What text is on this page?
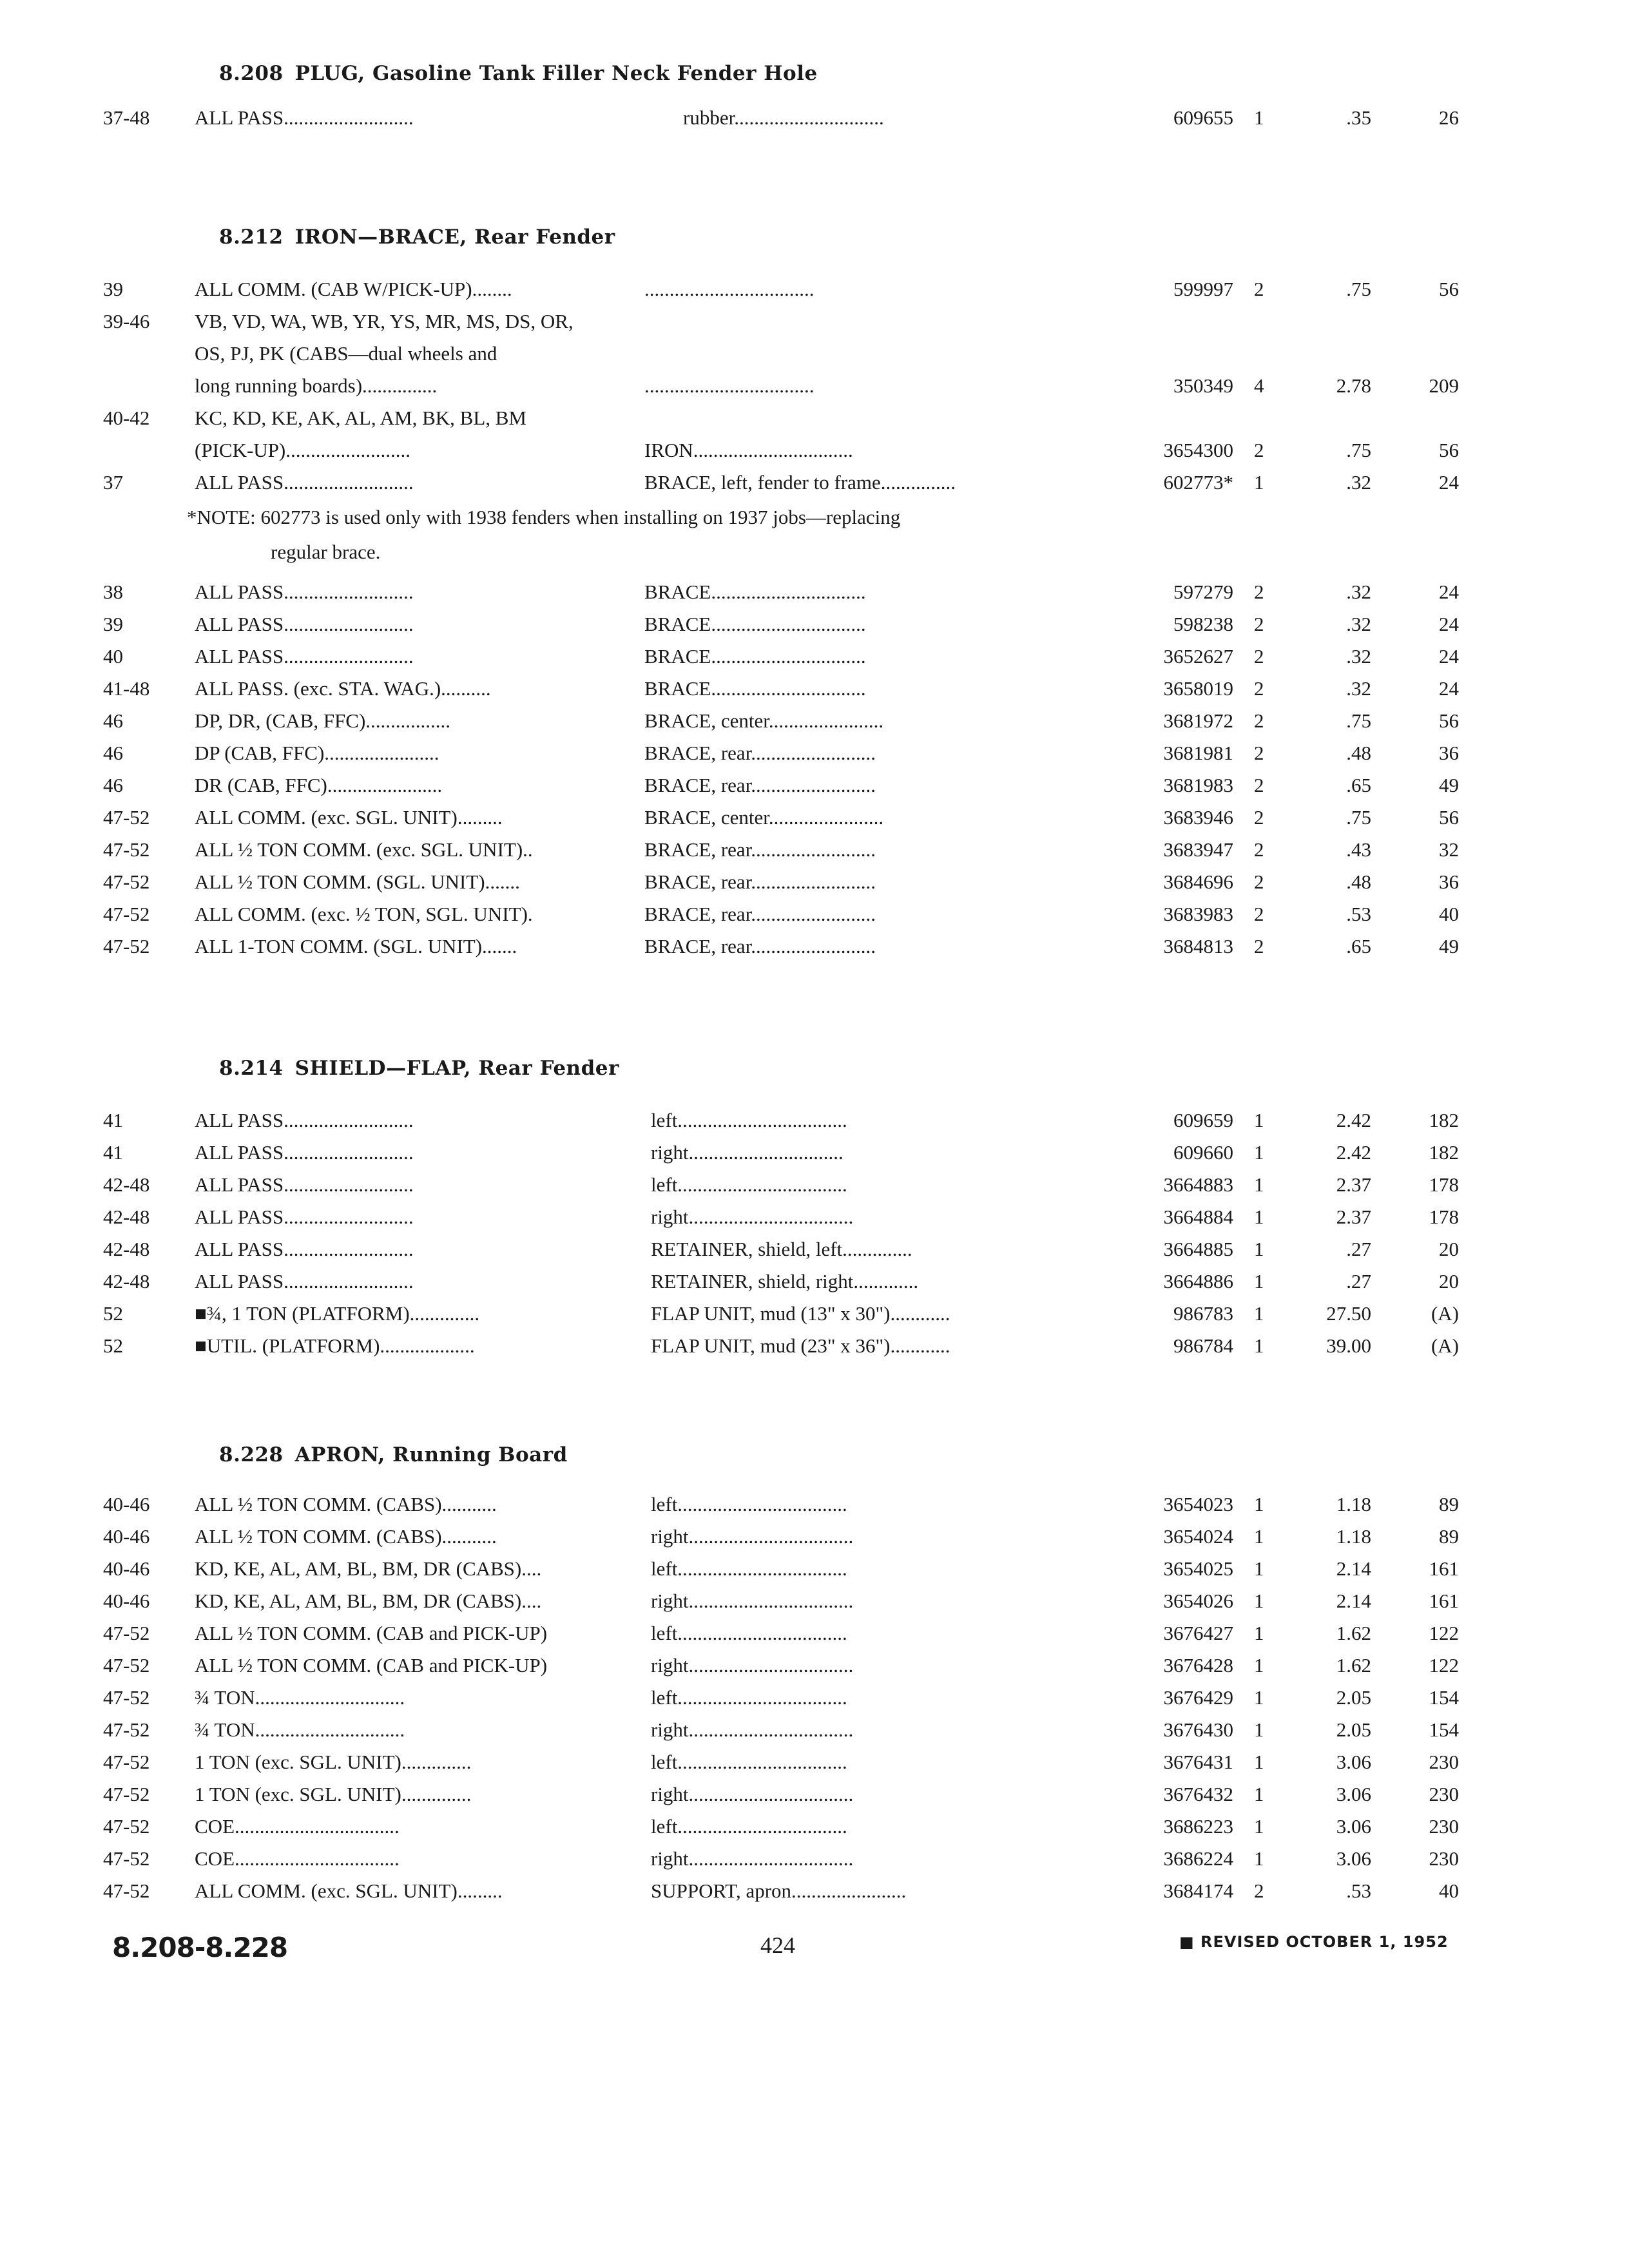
8.208 PLUG, Gasoline Tank Filler Neck Fender Hole
37-48	ALL PASS..........................	rubber..............................	609655 1	.35	26
8.212 IRON—BRACE, Rear Fender
39	ALL COMM. (CAB W/PICK-UP)........	..................................	599997 2	.75	56
39-46	VB, VD, WA, WB, YR, YS, MR, MS, DS, OR,
OS, PJ, PK (CABS—dual wheels and
long running boards)...............	..................................	350349 4	2.78	209
40-42	KC, KD, KE, AK, AL, AM, BK, BL, BM
(PICK-UP).........................	IRON................................	3654300 2	.75	56
37	ALL PASS..........................	BRACE, left, fender to frame...............	602773* 1	.32	24
*NOTE: 602773 is used only with 1938 fenders when installing on 1937 jobs—replacing
regular brace.
38	ALL PASS..........................	BRACE...............................	597279 2	.32	24
39	ALL PASS..........................	BRACE...............................	598238 2	.32	24
40	ALL PASS..........................	BRACE...............................	3652627 2	.32	24
41-48	ALL PASS. (exc. STA. WAG.)..........	BRACE...............................	3658019 2	.32	24
46	DP, DR, (CAB, FFC).................	BRACE, center.......................	3681972 2	.75	56
46	DP (CAB, FFC).......................	BRACE, rear.........................	3681981 2	.48	36
46	DR (CAB, FFC).......................	BRACE, rear.........................	3681983 2	.65	49
47-52	ALL COMM. (exc. SGL. UNIT).........	BRACE, center.......................	3683946 2	.75	56
47-52	ALL ½ TON COMM. (exc. SGL. UNIT)..	BRACE, rear.........................	3683947 2	.43	32
47-52	ALL ½ TON COMM. (SGL. UNIT).......	BRACE, rear.........................	3684696 2	.48	36
47-52	ALL COMM. (exc. ½ TON, SGL. UNIT).	BRACE, rear.........................	3683983 2	.53	40
47-52	ALL 1-TON COMM. (SGL. UNIT).......	BRACE, rear.........................	3684813 2	.65	49
8.214 SHIELD—FLAP, Rear Fender
41	ALL PASS..........................	left..................................	609659 1	2.42	182
41	ALL PASS..........................	right...............................	609660 1	2.42	182
42-48	ALL PASS..........................	left..................................	3664883 1	2.37	178
42-48	ALL PASS..........................	right.................................	3664884 1	2.37	178
42-48	ALL PASS..........................	RETAINER, shield, left..............	3664885 1	.27	20
42-48	ALL PASS..........................	RETAINER, shield, right.............	3664886 1	.27	20
52	■¾, 1 TON (PLATFORM)..............	FLAP UNIT, mud (13" x 30")............	986783 1	27.50	(A)
52	■UTIL. (PLATFORM)...................	FLAP UNIT, mud (23" x 36")............	986784 1	39.00	(A)
8.228 APRON, Running Board
40-46	ALL ½ TON COMM. (CABS)...........	left..................................	3654023 1	1.18	89
40-46	ALL ½ TON COMM. (CABS)...........	right.................................	3654024 1	1.18	89
40-46	KD, KE, AL, AM, BL, BM, DR (CABS)....	left..................................	3654025 1	2.14	161
40-46	KD, KE, AL, AM, BL, BM, DR (CABS)....	right.................................	3654026 1	2.14	161
47-52	ALL ½ TON COMM. (CAB and PICK-UP)	left..................................	3676427 1	1.62	122
47-52	ALL ½ TON COMM. (CAB and PICK-UP)	right.................................	3676428 1	1.62	122
47-52	¾ TON..............................	left..................................	3676429 1	2.05	154
47-52	¾ TON..............................	right.................................	3676430 1	2.05	154
47-52	1 TON (exc. SGL. UNIT)..............	left..................................	3676431 1	3.06	230
47-52	1 TON (exc. SGL. UNIT)..............	right.................................	3676432 1	3.06	230
47-52	COE.................................	left..................................	3686223 1	3.06	230
47-52	COE.................................	right.................................	3686224 1	3.06	230
47-52	ALL COMM. (exc. SGL. UNIT).........	SUPPORT, apron.......................	3684174 2	.53	40
8.208-8.228	424	■ REVISED OCTOBER 1, 1952
